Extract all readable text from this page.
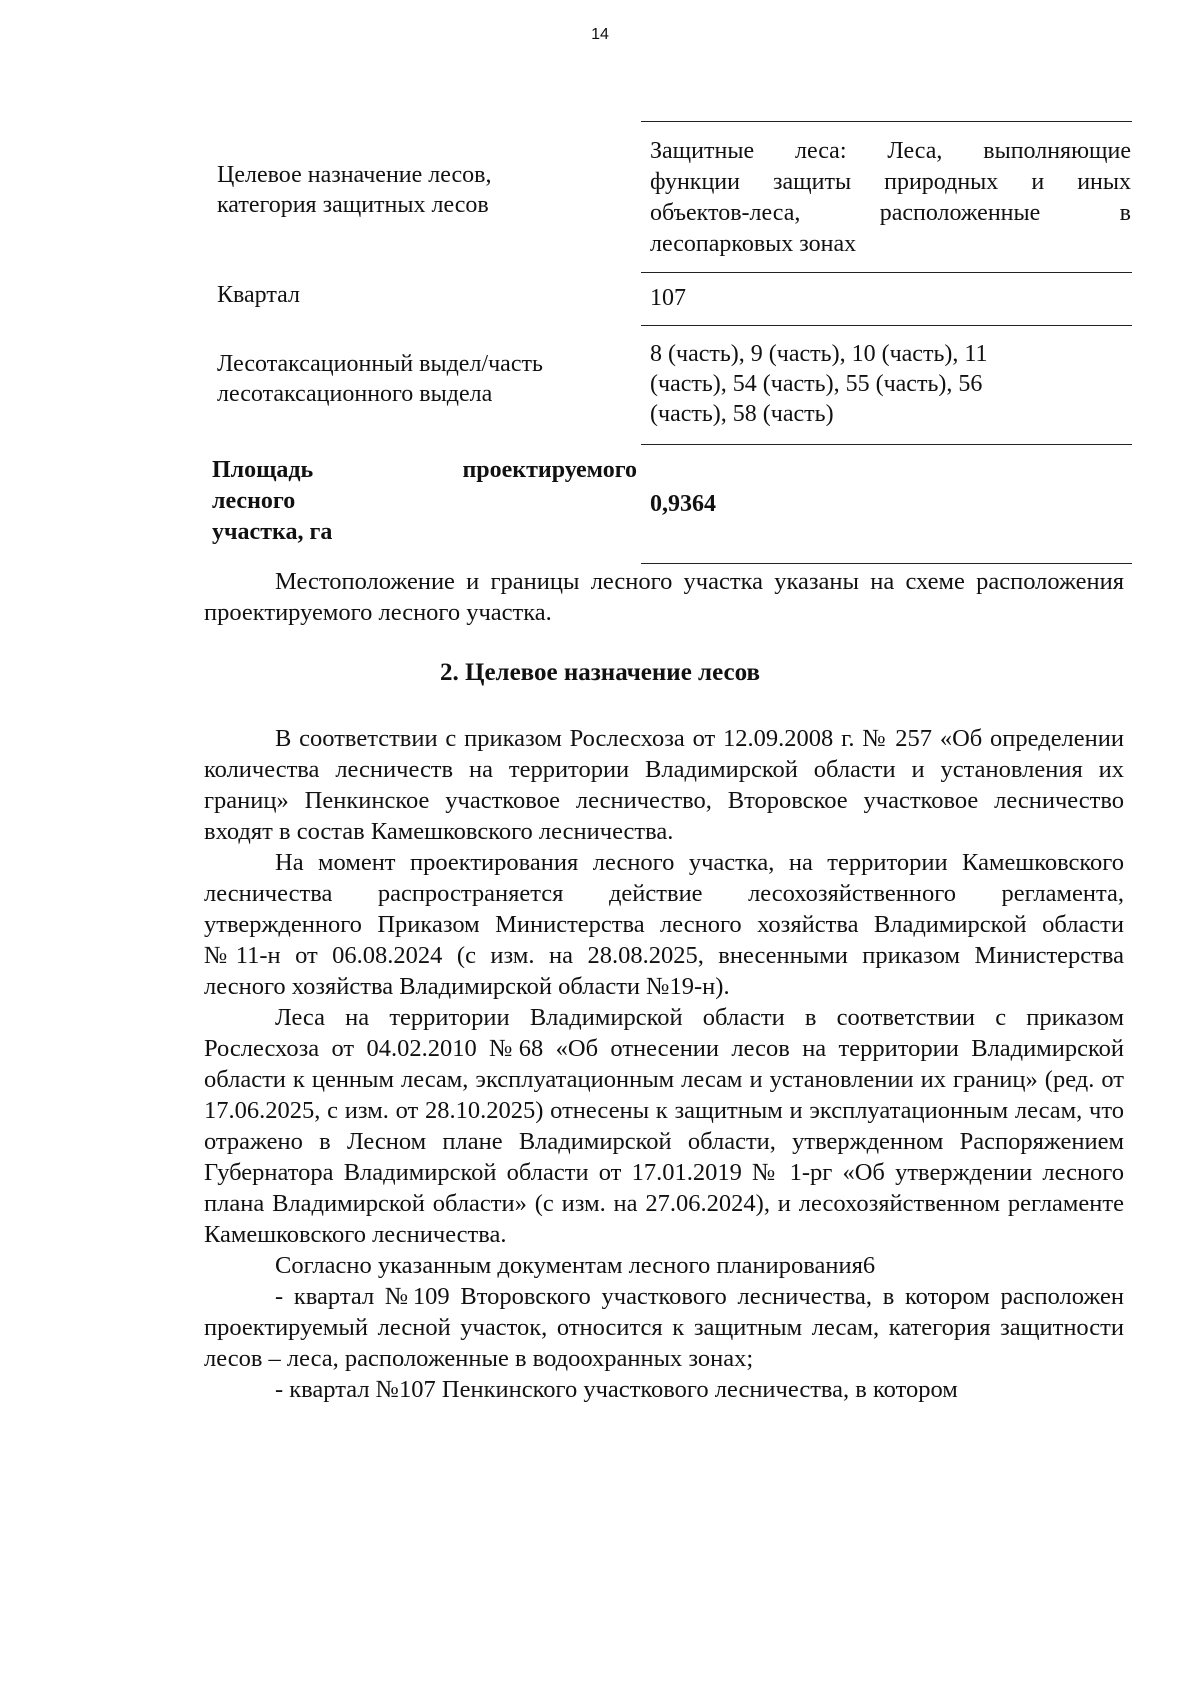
14
Целевое назначение лесов,
категория защитных лесов
Защитные леса: Леса, выполняющие
функции защиты природных и иных
объектов-леса, расположенные в
лесопарковых зонах
Квартал	107
Лесотаксационный выдел/часть
лесотаксационного выдела
8 (часть), 9 (часть), 10 (часть), 11
(часть), 54 (часть), 55 (часть), 56
(часть), 58 (часть)
Площадь проектируемого
лесного
участка, га
0,9364

Местоположение и границы лесного участка указаны на схеме расположения проектируемого лесного участка.

2. Целевое назначение лесов

В соответствии с приказом Рослесхоза от 12.09.2008 г. № 257 «Об определении количества лесничеств на территории Владимирской области и установления их границ» Пенкинское участковое лесничество, Второвское участковое лесничество входят в состав Камешковского лесничества.

На момент проектирования лесного участка, на территории Камешковского лесничества распространяется действие лесохозяйственного регламента, утвержденного Приказом Министерства лесного хозяйства Владимирской области №11-н от 06.08.2024 (с изм. на 28.08.2025, внесенными приказом Министерства лесного хозяйства Владимирской области №19-н).

Леса на территории Владимирской области в соответствии с приказом Рослесхоза от 04.02.2010 №68 «Об отнесении лесов на территории Владимирской области к ценным лесам, эксплуатационным лесам и установлении их границ» (ред. от 17.06.2025, с изм. от 28.10.2025) отнесены к защитным и эксплуатационным лесам, что отражено в Лесном плане Владимирской области, утвержденном Распоряжением Губернатора Владимирской области от 17.01.2019 № 1-рг «Об утверждении лесного плана Владимирской области» (с изм. на 27.06.2024), и лесохозяйственном регламенте Камешковского лесничества.

Согласно указанным документам лесного планирования6

- квартал №109 Второвского участкового лесничества, в котором расположен проектируемый лесной участок, относится к защитным лесам, категория защитности лесов – леса, расположенные в водоохранных зонах;

- квартал №107 Пенкинского участкового лесничества, в котором
